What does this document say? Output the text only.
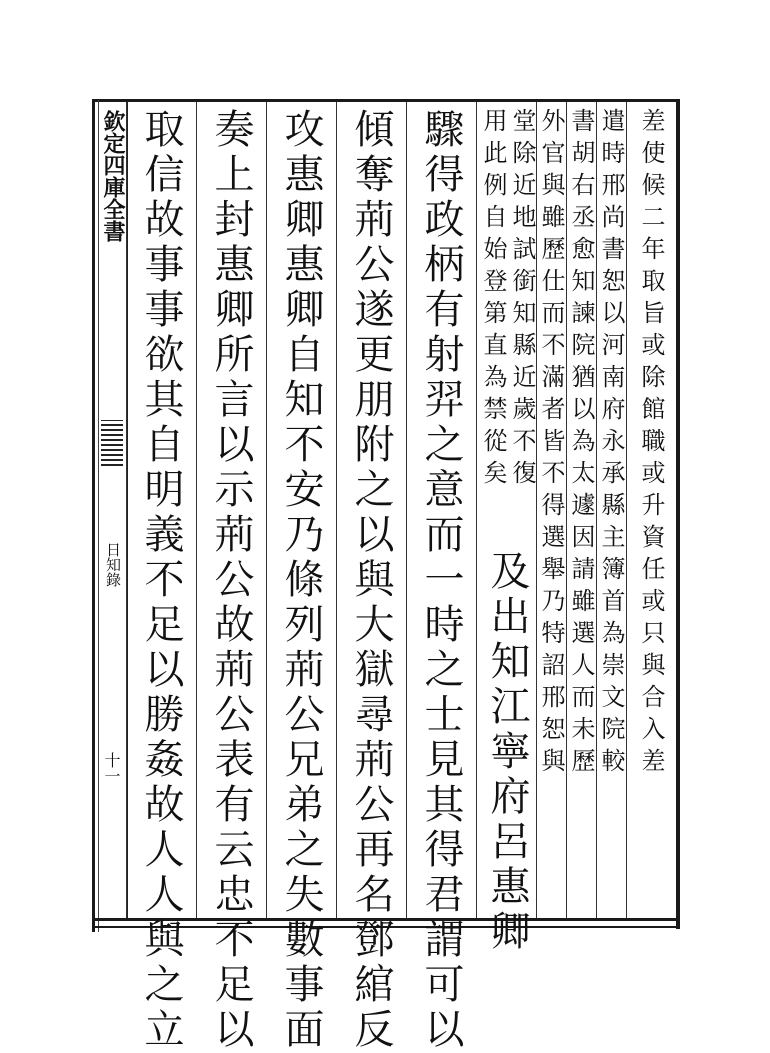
欽定四庫全書
日知錄
十一	差使候二年取旨或除館職或升資任或只與合入差
遣時邢尚書恕以河南府永承縣主簿首為崇文院較
書胡右丞愈知諫院猶以為太遽因請雖選人而未歷
外官與雖歷仕而不滿者皆不得選舉乃特詔邢恕與
堂除近地試銜知縣近歲不復
用此例自始登第直為禁從矣
及出知江寧府呂惠卿
驟得政柄有射羿之意而一時之士見其得君謂可以
傾奪荊公遂更朋附之以與大獄尋荊公再名鄧綰反
攻惠卿惠卿自知不安乃條列荊公兄弟之失數事面
奏上封惠卿所言以示荊公故荊公表有云忠不足以
取信故事事欲其自明義不足以勝姦故人人與之立
